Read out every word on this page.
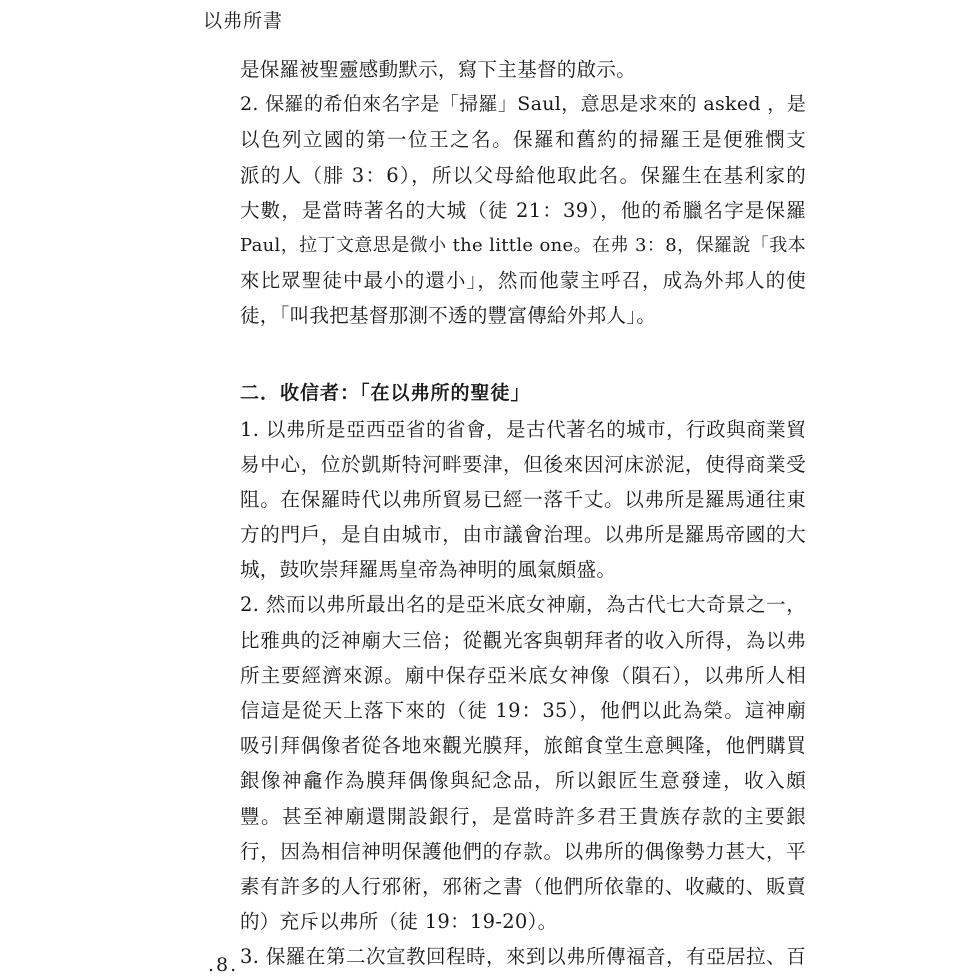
以弗所書
是保羅被聖靈感動默示，寫下主基督的啟示。
2. 保羅的希伯來名字是「掃羅」Saul，意思是求來的 asked ，是
以色列立國的第一位王之名。保羅和舊約的掃羅王是便雅憫支
派的人（腓 3：6），所以父母給他取此名。保羅生在基利家的
大數，是當時著名的大城（徒 21：39），他的希臘名字是保羅
Paul，拉丁文意思是微小 the little one。在弗 3：8，保羅說「我本
來比眾聖徒中最小的還小」，然而他蒙主呼召，成為外邦人的使
徒，「叫我把基督那測不透的豐富傳給外邦人」。
二．收信者：「在以弗所的聖徒」
1. 以弗所是亞西亞省的省會，是古代著名的城市，行政與商業貿
易中心，位於凱斯特河畔要津，但後來因河床淤泥，使得商業受
阻。在保羅時代以弗所貿易已經一落千丈。以弗所是羅馬通往東
方的門戶，是自由城市，由市議會治理。以弗所是羅馬帝國的大
城，鼓吹崇拜羅馬皇帝為神明的風氣頗盛。
2. 然而以弗所最出名的是亞米底女神廟，為古代七大奇景之一，
比雅典的泛神廟大三倍；從觀光客與朝拜者的收入所得，為以弗
所主要經濟來源。廟中保存亞米底女神像（隕石），以弗所人相
信這是從天上落下來的（徒 19：35），他們以此為榮。這神廟
吸引拜偶像者從各地來觀光膜拜，旅館食堂生意興隆，他們購買
銀像神龕作為膜拜偶像與紀念品，所以銀匠生意發達，收入頗
豐。甚至神廟還開設銀行，是當時許多君王貴族存款的主要銀
行，因為相信神明保護他們的存款。以弗所的偶像勢力甚大，平
素有許多的人行邪術，邪術之書（他們所依靠的、收藏的、販賣
的）充斥以弗所（徒 19：19-20）。
3. 保羅在第二次宣教回程時，來到以弗所傳福音，有亞居拉、百
.8.
